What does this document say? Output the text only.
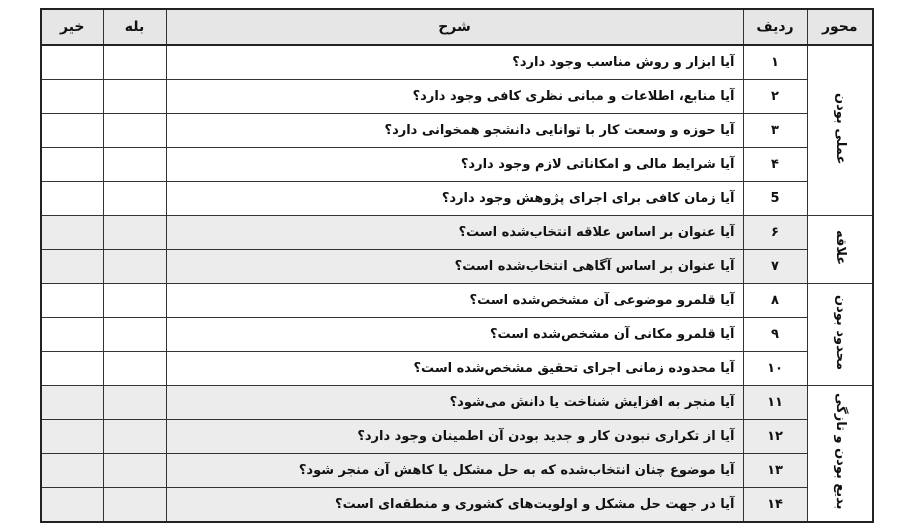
محور	ردیف	شرح	بله	خیر
عملی بودن	۱	آیا ابزار و روش مناسب وجود دارد؟		
	۲	آیا منابع، اطلاعات و مبانی نظری کافی وجود دارد؟		
	۳	آیا حوزه و وسعت کار با توانایی دانشجو همخوانی دارد؟		
	۴	آیا شرایط مالی و امکاناتی لازم وجود دارد؟		
	5	آیا زمان کافی برای اجرای پژوهش وجود دارد؟		
علاقه	۶	آیا عنوان بر اساس علاقه انتخاب‌شده است؟		
	۷	آیا عنوان بر اساس آگاهی انتخاب‌شده است؟		
محدود بودن	۸	آیا قلمرو موضوعی آن مشخص‌شده است؟		
	۹	آیا قلمرو مکانی آن مشخص‌شده است؟		
	۱۰	آیا محدوده زمانی اجرای تحقیق مشخص‌شده است؟		
بدیع بودن و تازگی	۱۱	آیا منجر به افزایش شناخت یا دانش می‌شود؟		
	۱۲	آیا از تکراری نبودن کار و جدید بودن آن اطمینان وجود دارد؟		
	۱۳	آیا موضوع چنان انتخاب‌شده که به حل مشکل یا کاهش آن منجر شود؟		
	۱۴	آیا در جهت حل مشکل و اولویت‌های کشوری و منطقه‌ای است؟		
